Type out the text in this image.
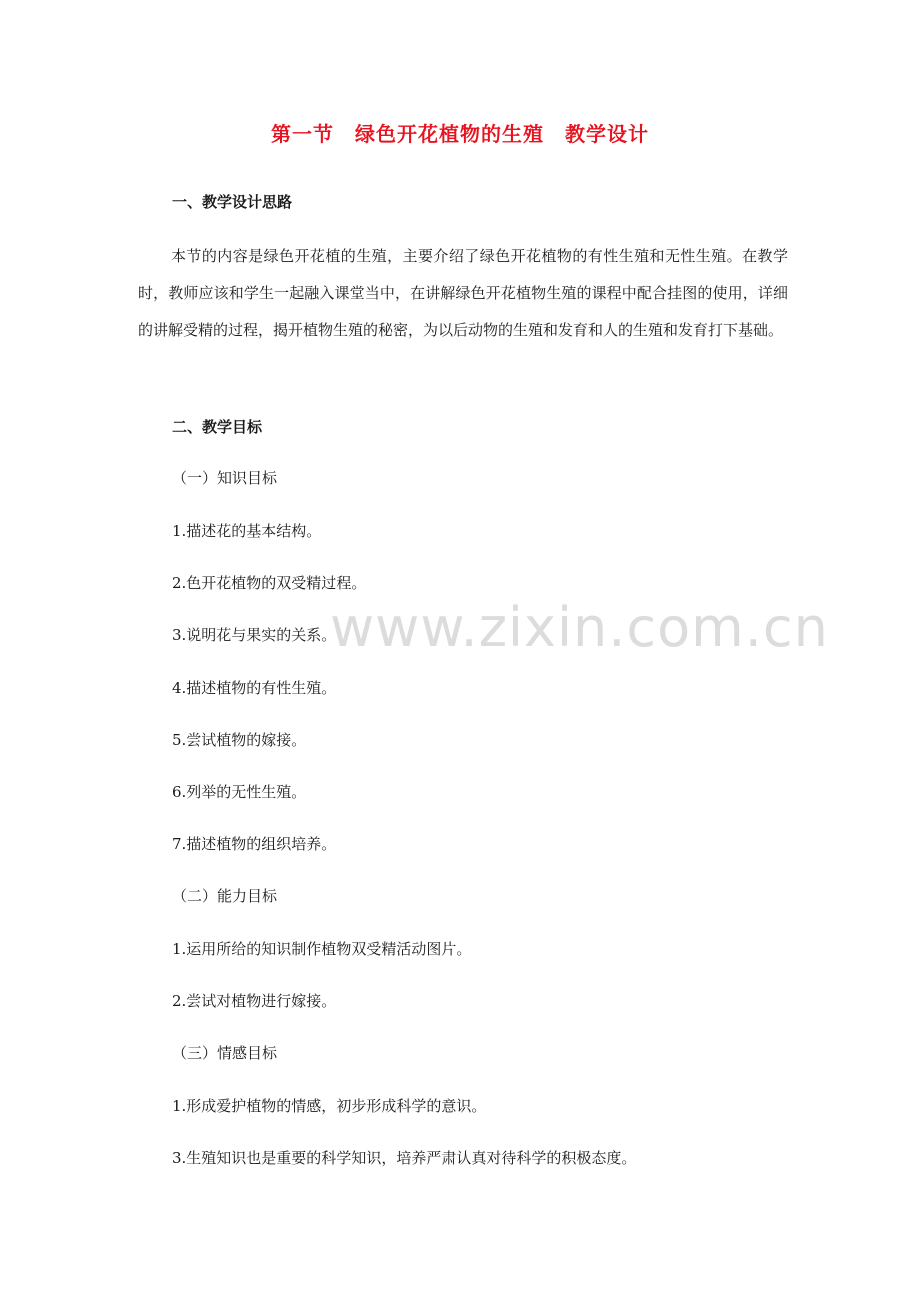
第一节　绿色开花植物的生殖　教学设计
一、教学设计思路
本节的内容是绿色开花植的生殖，主要介绍了绿色开花植物的有性生殖和无性生殖。在教学时，教师应该和学生一起融入课堂当中，在讲解绿色开花植物生殖的课程中配合挂图的使用，详细的讲解受精的过程，揭开植物生殖的秘密，为以后动物的生殖和发育和人的生殖和发育打下基础。
二、教学目标
（一）知识目标
1.描述花的基本结构。
2.色开花植物的双受精过程。
3.说明花与果实的关系。
4.描述植物的有性生殖。
5.尝试植物的嫁接。
6.列举的无性生殖。
7.描述植物的组织培养。
（二）能力目标
1.运用所给的知识制作植物双受精活动图片。
2.尝试对植物进行嫁接。
（三）情感目标
1.形成爱护植物的情感，初步形成科学的意识。
3.生殖知识也是重要的科学知识，培养严肃认真对待科学的积极态度。
www.zixin.com.cn
